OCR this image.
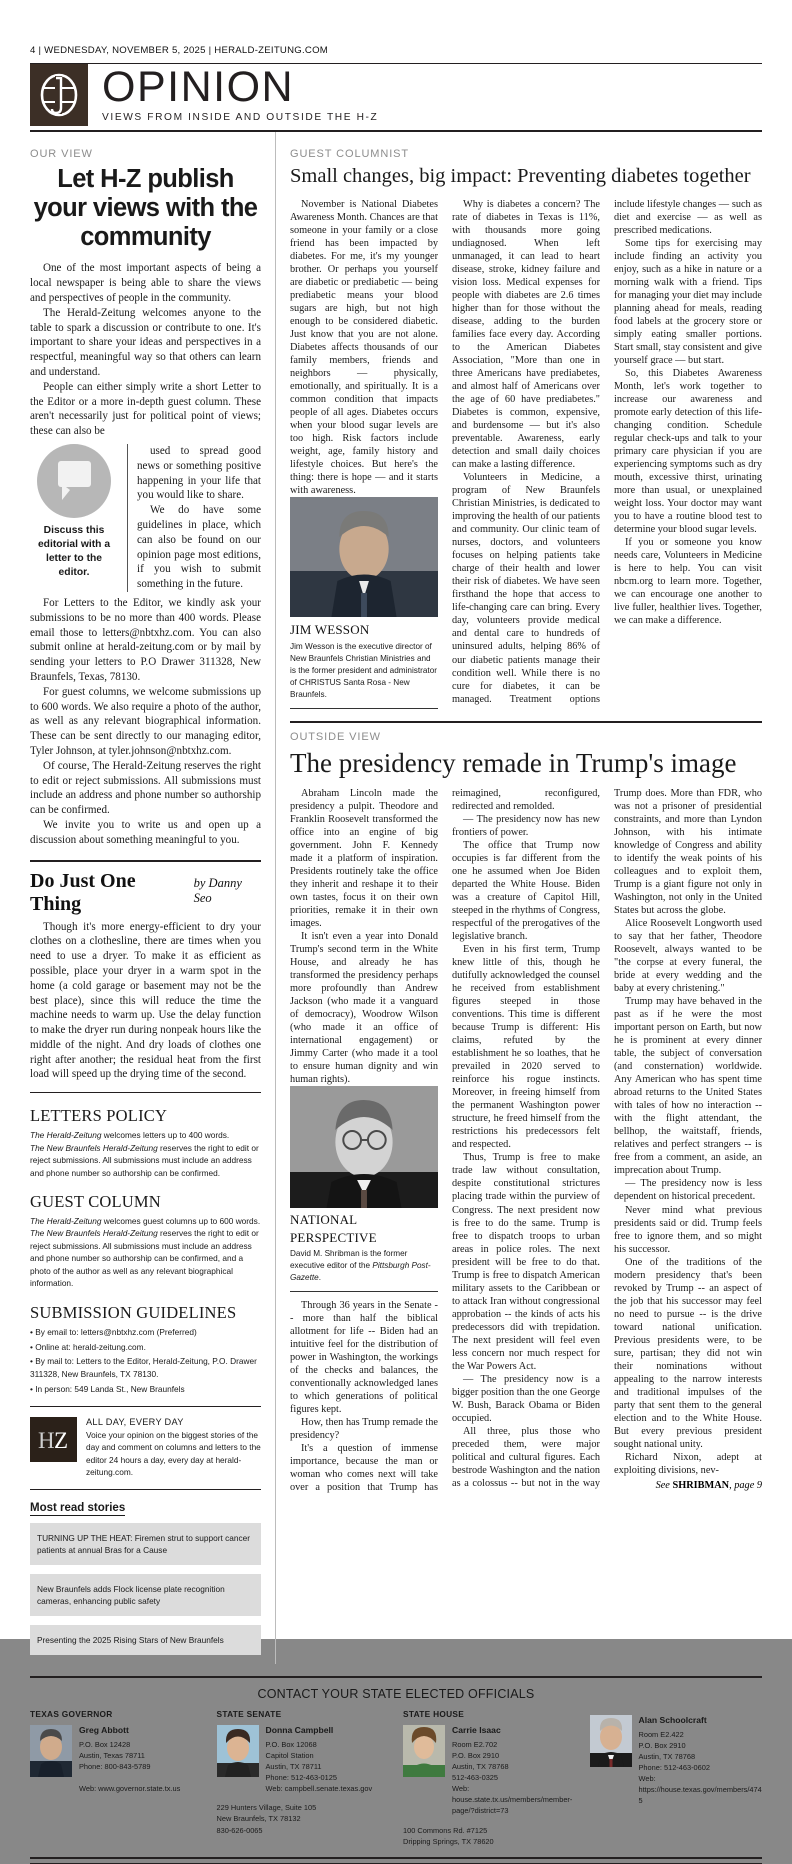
4 | WEDNESDAY, NOVEMBER 5, 2025 | HERALD-ZEITUNG.COM
OPINION
VIEWS FROM INSIDE AND OUTSIDE THE H-Z
OUR VIEW
Let H-Z publish your views with the community

One of the most important aspects of being a local newspaper is being able to share the views and perspectives of people in the community.

The Herald-Zeitung welcomes anyone to the table to spark a discussion or contribute to one. It's important to share your ideas and perspectives in a respectful, meaningful way so that others can learn and understand.

People can either simply write a short Letter to the Editor or a more in-depth guest column. These aren't necessarily just for political point of views; these can also be

Discuss this editorial with a letter to the editor.

used to spread good news or something positive happening in your life that you would like to share.

We do have some guidelines in place, which can also be found on our opinion page most editions, if you wish to submit something in the future.

For Letters to the Editor, we kindly ask your submissions to be no more than 400 words. Please email those to letters@nbtxhz.com. You can also submit online at herald-zeitung.com or by mail by sending your letters to P.O Drawer 311328, New Braunfels, Texas, 78130.

For guest columns, we welcome submissions up to 600 words. We also require a photo of the author, as well as any relevant biographical information. These can be sent directly to our managing editor, Tyler Johnson, at tyler.johnson@nbtxhz.com.

Of course, The Herald-Zeitung reserves the right to edit or reject submissions. All submissions must include an address and phone number so authorship can be confirmed.

We invite you to write us and open up a discussion about something meaningful to you.

Do Just One Thing
by Danny Seo

Though it's more energy-efficient to dry your clothes on a clothesline, there are times when you need to use a dryer. To make it as efficient as possible, place your dryer in a warm spot in the home (a cold garage or basement may not be the best place), since this will reduce the time the machine needs to warm up. Use the delay function to make the dryer run during nonpeak hours like the middle of the night. And dry loads of clothes one right after another; the residual heat from the first load will speed up the drying time of the second.

LETTERS POLICY

The Herald-Zeitung welcomes letters up to 400 words.

The New Braunfels Herald-Zeitung reserves the right to edit or reject submissions. All submissions must include an address and phone number so authorship can be confirmed.

GUEST COLUMN

The Herald-Zeitung welcomes guest columns up to 600 words.

The New Braunfels Herald-Zeitung reserves the right to edit or reject submissions. All submissions must include an address and phone number so authorship can be confirmed, and a photo of the author as well as any relevant biographical information.

SUBMISSION GUIDELINES
• By email to: letters@nbtxhz.com (Preferred)
• Online at: herald-zeitung.com.
• By mail to: Letters to the Editor, Herald-Zeitung, P.O. Drawer 311328, New Braunfels, TX 78130.
• In person: 549 Landa St., New Braunfels
H Z
ALL DAY, EVERY DAY
Voice your opinion on the biggest stories of the day and comment on columns and letters to the editor 24 hours a day, every day at herald-zeitung.com.
Most read stories
TURNING UP THE HEAT: Firemen strut to support cancer patients at annual Bras for a Cause
New Braunfels adds Flock license plate recognition cameras, enhancing public safety
Presenting the 2025 Rising Stars of New Braunfels
GUEST COLUMNIST
Small changes, big impact: Preventing diabetes together

November is National Diabetes Awareness Month. Chances are that someone in your family or a close friend has been impacted by diabetes. For me, it's my younger brother. Or perhaps you yourself are diabetic or prediabetic — being prediabetic means your blood sugars are high, but not high enough to be considered diabetic. Just know that you are not alone. Diabetes affects thousands of our family members, friends and neighbors — physically, emotionally, and spiritually. It is a common condition that impacts people of all ages. Diabetes occurs when your blood sugar levels are too high. Risk factors include weight, age, family history and lifestyle choices. But here's the thing: there is hope — and it starts with awareness.

JIM WESSON
Jim Wesson is the executive director of New Braunfels Christian Ministries and is the former president and administrator of CHRISTUS Santa Rosa - New Braunfels.

Why is diabetes a concern? The rate of diabetes in Texas is 11%, with thousands more going undiagnosed. When left unmanaged, it can lead to heart disease, stroke, kidney failure and vision loss. Medical expenses for people with diabetes are 2.6 times higher than for those without the disease, adding to the burden families face every day. According to the American Diabetes Association, "More than one in three Americans have prediabetes, and almost half of Americans over the age of 60 have prediabetes." Diabetes is common, expensive, and burdensome — but it's also preventable. Awareness, early detection and small daily choices can make a lasting difference.

Volunteers in Medicine, a program of New Braunfels Christian Ministries, is dedicated to improving the health of our patients and community. Our clinic team of nurses, doctors, and volunteers focuses on helping patients take charge of their health and lower their risk of diabetes. We have seen firsthand the hope that access to life-changing care can bring. Every day, volunteers provide medical and dental care to hundreds of uninsured adults, helping 86% of our diabetic patients manage their condition well. While there is no cure for diabetes, it can be managed. Treatment options include lifestyle changes — such as diet and exercise — as well as prescribed medications.

Some tips for exercising may include finding an activity you enjoy, such as a hike in nature or a morning walk with a friend. Tips for managing your diet may include planning ahead for meals, reading food labels at the grocery store or simply eating smaller portions. Start small, stay consistent and give yourself grace — but start.

So, this Diabetes Awareness Month, let's work together to increase our awareness and promote early detection of this life-changing condition. Schedule regular check-ups and talk to your primary care physician if you are experiencing symptoms such as dry mouth, excessive thirst, urinating more than usual, or unexplained weight loss. Your doctor may want you to have a routine blood test to determine your blood sugar levels.

If you or someone you know needs care, Volunteers in Medicine is here to help. You can visit nbcm.org to learn more. Together, we can encourage one another to live fuller, healthier lives. Together, we can make a difference.

OUTSIDE VIEW
The presidency remade in Trump's image

Abraham Lincoln made the presidency a pulpit. Theodore and Franklin Roosevelt transformed the office into an engine of big government. John F. Kennedy made it a platform of inspiration. Presidents routinely take the office they inherit and reshape it to their own tastes, focus it on their own priorities, remake it in their own images.

It isn't even a year into Donald Trump's second term in the White House, and already he has transformed the presidency perhaps more profoundly than Andrew Jackson (who made it a vanguard of democracy), Woodrow Wilson (who made it an office of international engagement) or Jimmy Carter (who made it a tool to ensure human dignity and win human rights).

NATIONAL
PERSPECTIVE
David M. Shribman is the former executive editor of the Pittsburgh Post-Gazette.

Through 36 years in the Senate -- more than half the biblical allotment for life -- Biden had an intuitive feel for the distribution of power in Washington, the workings of the checks and balances, the conventionally acknowledged lanes to which generations of political figures kept.

How, then has Trump remade the presidency?

It's a question of immense importance, because the man or woman who comes next will take over a position that Trump has reimagined, reconfigured, redirected and remolded.

— The presidency now has new frontiers of power.

The office that Trump now occupies is far different from the one he assumed when Joe Biden departed the White House. Biden was a creature of Capitol Hill, steeped in the rhythms of Congress, respectful of the prerogatives of the legislative branch.

Even in his first term, Trump knew little of this, though he dutifully acknowledged the counsel he received from establishment figures steeped in those conventions. This time is different because Trump is different: His claims, refuted by the establishment he so loathes, that he prevailed in 2020 served to reinforce his rogue instincts. Moreover, in freeing himself from the permanent Washington power structure, he freed himself from the restrictions his predecessors felt and respected.

Thus, Trump is free to make trade law without consultation, despite constitutional strictures placing trade within the purview of Congress. The next president now is free to do the same. Trump is free to dispatch troops to urban areas in police roles. The next president will be free to do that. Trump is free to dispatch American military assets to the Caribbean or to attack Iran without congressional approbation -- the kinds of acts his predecessors did with trepidation. The next president will feel even less concern nor much respect for the War Powers Act.

— The presidency now is a bigger position than the one George W. Bush, Barack Obama or Biden occupied.

All three, plus those who preceded them, were major political and cultural figures. Each bestrode Washington and the nation as a colossus -- but not in the way Trump does. More than FDR, who was not a prisoner of presidential constraints, and more than Lyndon Johnson, with his intimate knowledge of Congress and ability to identify the weak points of his colleagues and to exploit them, Trump is a giant figure not only in Washington, not only in the United States but across the globe.

Alice Roosevelt Longworth used to say that her father, Theodore Roosevelt, always wanted to be "the corpse at every funeral, the bride at every wedding and the baby at every christening."

Trump may have behaved in the past as if he were the most important person on Earth, but now he is prominent at every dinner table, the subject of conversation (and consternation) worldwide. Any American who has spent time abroad returns to the United States with tales of how no interaction -- with the flight attendant, the bellhop, the waitstaff, friends, relatives and perfect strangers -- is free from a comment, an aside, an imprecation about Trump.

— The presidency now is less dependent on historical precedent.

Never mind what previous presidents said or did. Trump feels free to ignore them, and so might his successor.

One of the traditions of the modern presidency that's been revoked by Trump -- an aspect of the job that his successor may feel no need to pursue -- is the drive toward national unification. Previous presidents were, to be sure, partisan; they did not win their nominations without appealing to the narrow interests and traditional impulses of the party that sent them to the general election and to the White House. But every previous president sought national unity.

Richard Nixon, adept at exploiting divisions, nev-

See SHRIBMAN, page 9
CONTACT YOUR STATE ELECTED OFFICIALS
TEXAS GOVERNOR
Greg Abbott
P.O. Box 12428
Austin, Texas 78711
Phone: 800-843-5789

Web: www.governor.state.tx.us
STATE SENATE
Donna Campbell
P.O. Box 12068
Capitol Station
Austin, TX 78711
Phone: 512-463-0125
Web: campbell.senate.texas.gov
229 Hunters Village, Suite 105
New Braunfels, TX 78132
830-626-0065
STATE HOUSE
Carrie Isaac
Room E2.702
P.O. Box 2910
Austin, TX 78768
512-463-0325
Web: house.state.tx.us/members/member-page/?district=73
100 Commons Rd. #7125
Dripping Springs, TX 78620
Alan Schoolcraft
Room E2.422
P.O. Box 2910
Austin, TX 78768
Phone: 512-463-0602
Web: https://house.texas.gov/members/4745
